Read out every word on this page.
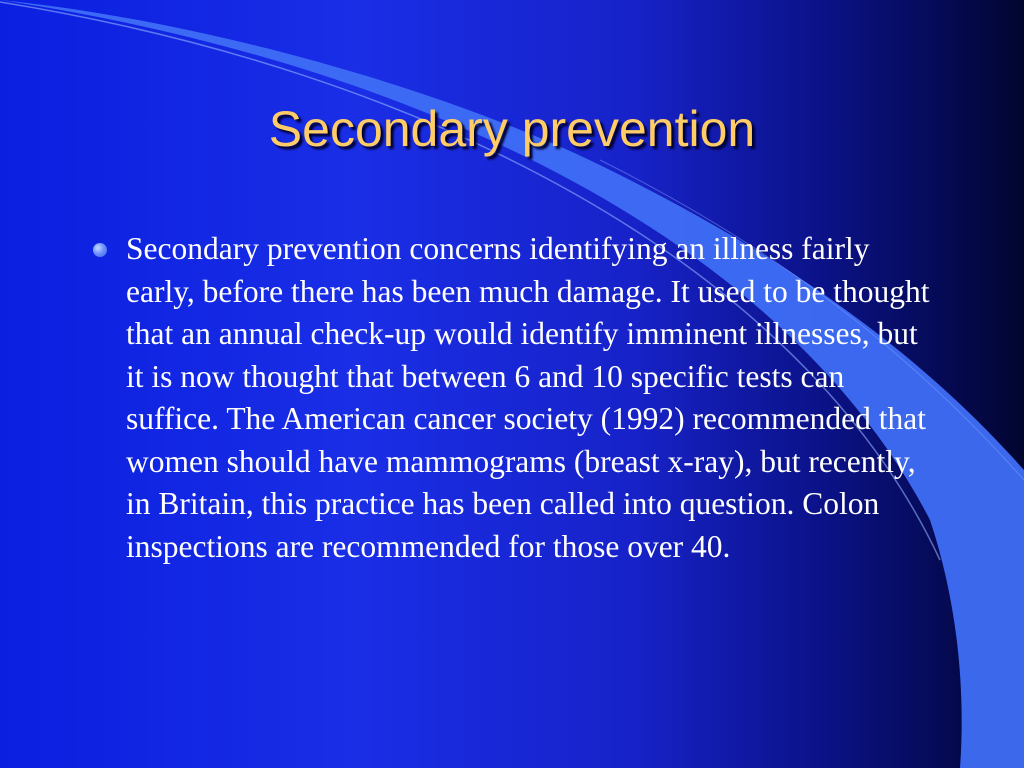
Secondary prevention

Secondary prevention concerns identifying an illness fairly early, before there has been much damage. It used to be thought that an annual check-up would identify imminent illnesses, but it is now thought that between 6 and 10 specific tests can suffice. The American cancer society (1992) recommended that women should have mammograms (breast x-ray), but recently, in Britain, this practice has been called into question. Colon inspections are recommended for those over 40.
